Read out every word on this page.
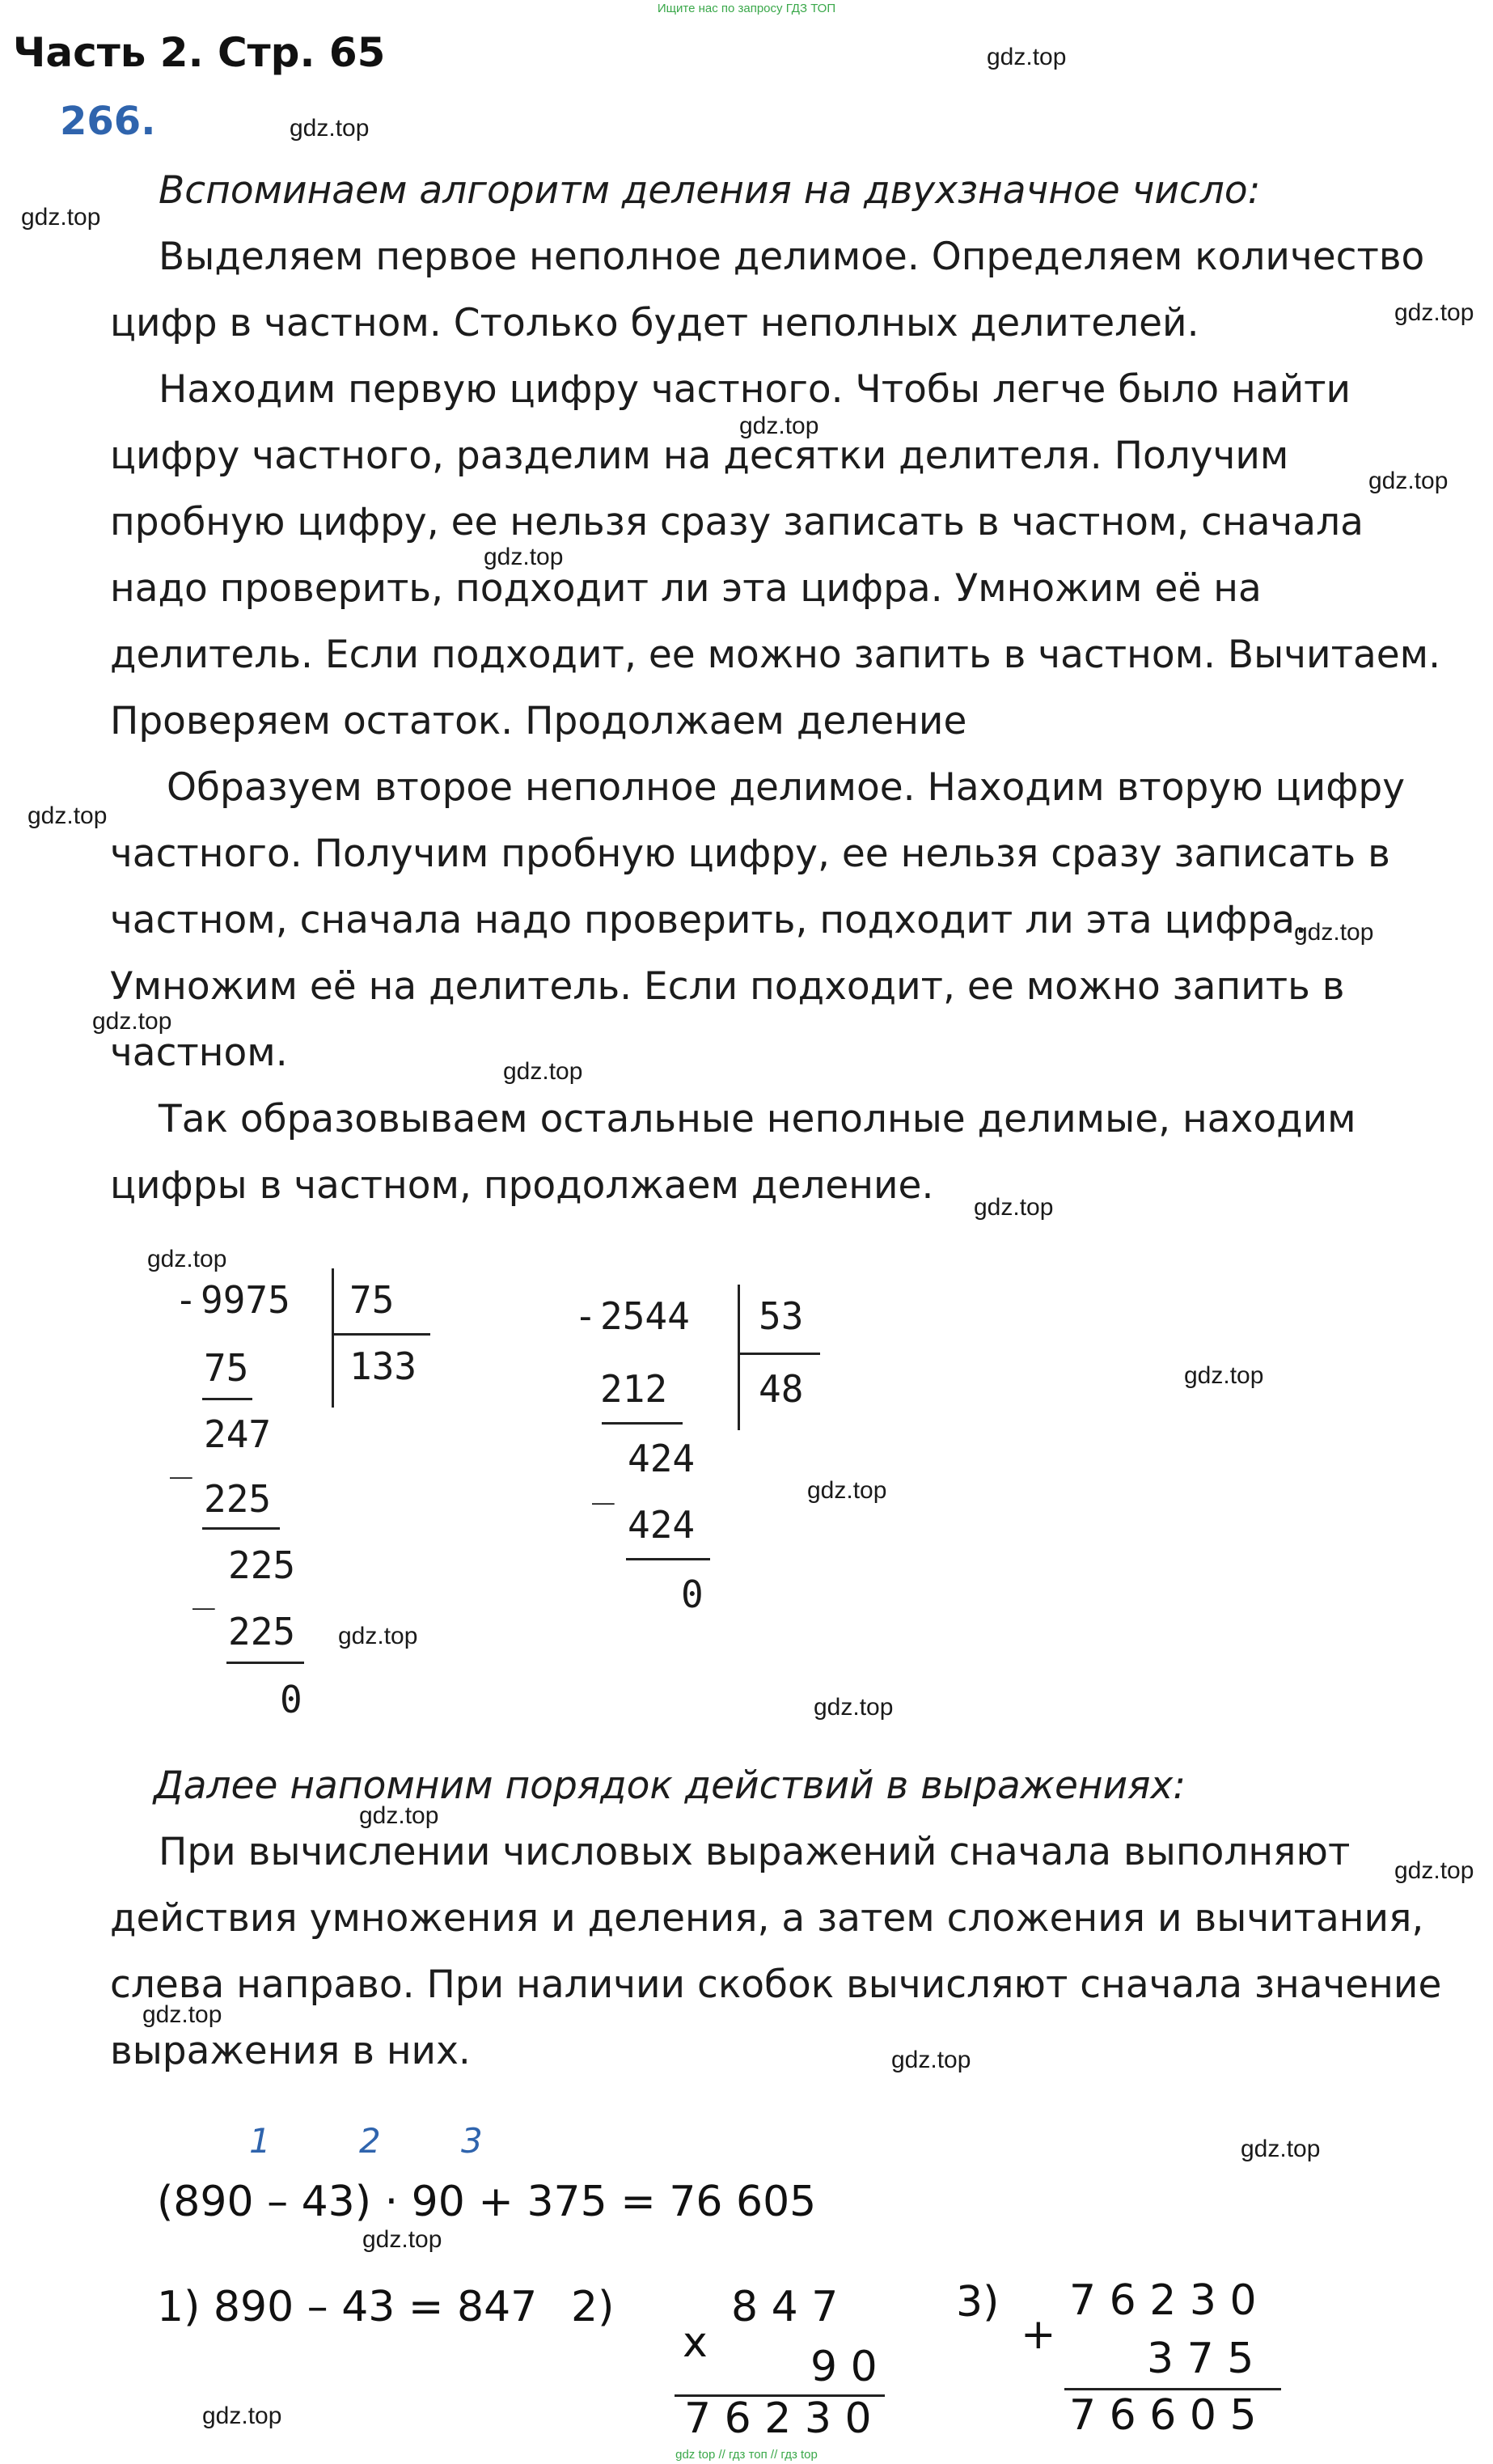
Ищите нас по запросу ГДЗ ТОП
Часть 2. Стр. 65
266.
Вспоминаем алгоритм деления на двухзначное число:
Выделяем первое неполное делимое. Определяем количество
цифр в частном. Столько будет неполных делителей.
Находим первую цифру частного. Чтобы легче было найти
цифру частного, разделим на десятки делителя. Получим
пробную цифру, ее нельзя сразу записать в частном, сначала
надо проверить, подходит ли эта цифра. Умножим её на
делитель. Если подходит, ее можно запить в частном. Вычитаем.
Проверяем остаток. Продолжаем деление
Образуем второе неполное делимое. Находим вторую цифру
частного. Получим пробную цифру, ее нельзя сразу записать в
частном, сначала надо проверить, подходит ли эта цифра.
Умножим её на делитель. Если подходит, ее можно запить в
частном.
Так образовываем остальные неполные делимые, находим
цифры в частном, продолжаем деление.
- 9975 75
133
75
247
_
225
225
_
225
0
- 2544 53
48
212
424
_
424
0
Далее напомним порядок действий в выражениях:
При вычислении числовых выражений сначала выполняют
действия умножения и деления, а затем сложения и вычитания,
слева направо. При наличии скобок вычисляют сначала значение
выражения в них.
1	2 3
(890 – 43) · 90 + 375 = 76 605
1) 890 – 43 = 847 2)
x
8 4 7
9 0
7 6 2 3 0
3)
+
7 6 2 3 0
3 7 5
7 6 6 0 5
gdz.top
gdz.top
gdz.top
gdz.top
gdz.top
gdz.top
gdz.top
gdz.top
gdz.top
gdz.top
gdz.top
gdz.top
gdz.top
gdz.top
gdz.top
gdz.top
gdz.top
gdz.top
gdz.top
gdz.top
gdz.top
gdz.top
gdz.top
gdz.top
gdz top // гдз топ // гдз top
